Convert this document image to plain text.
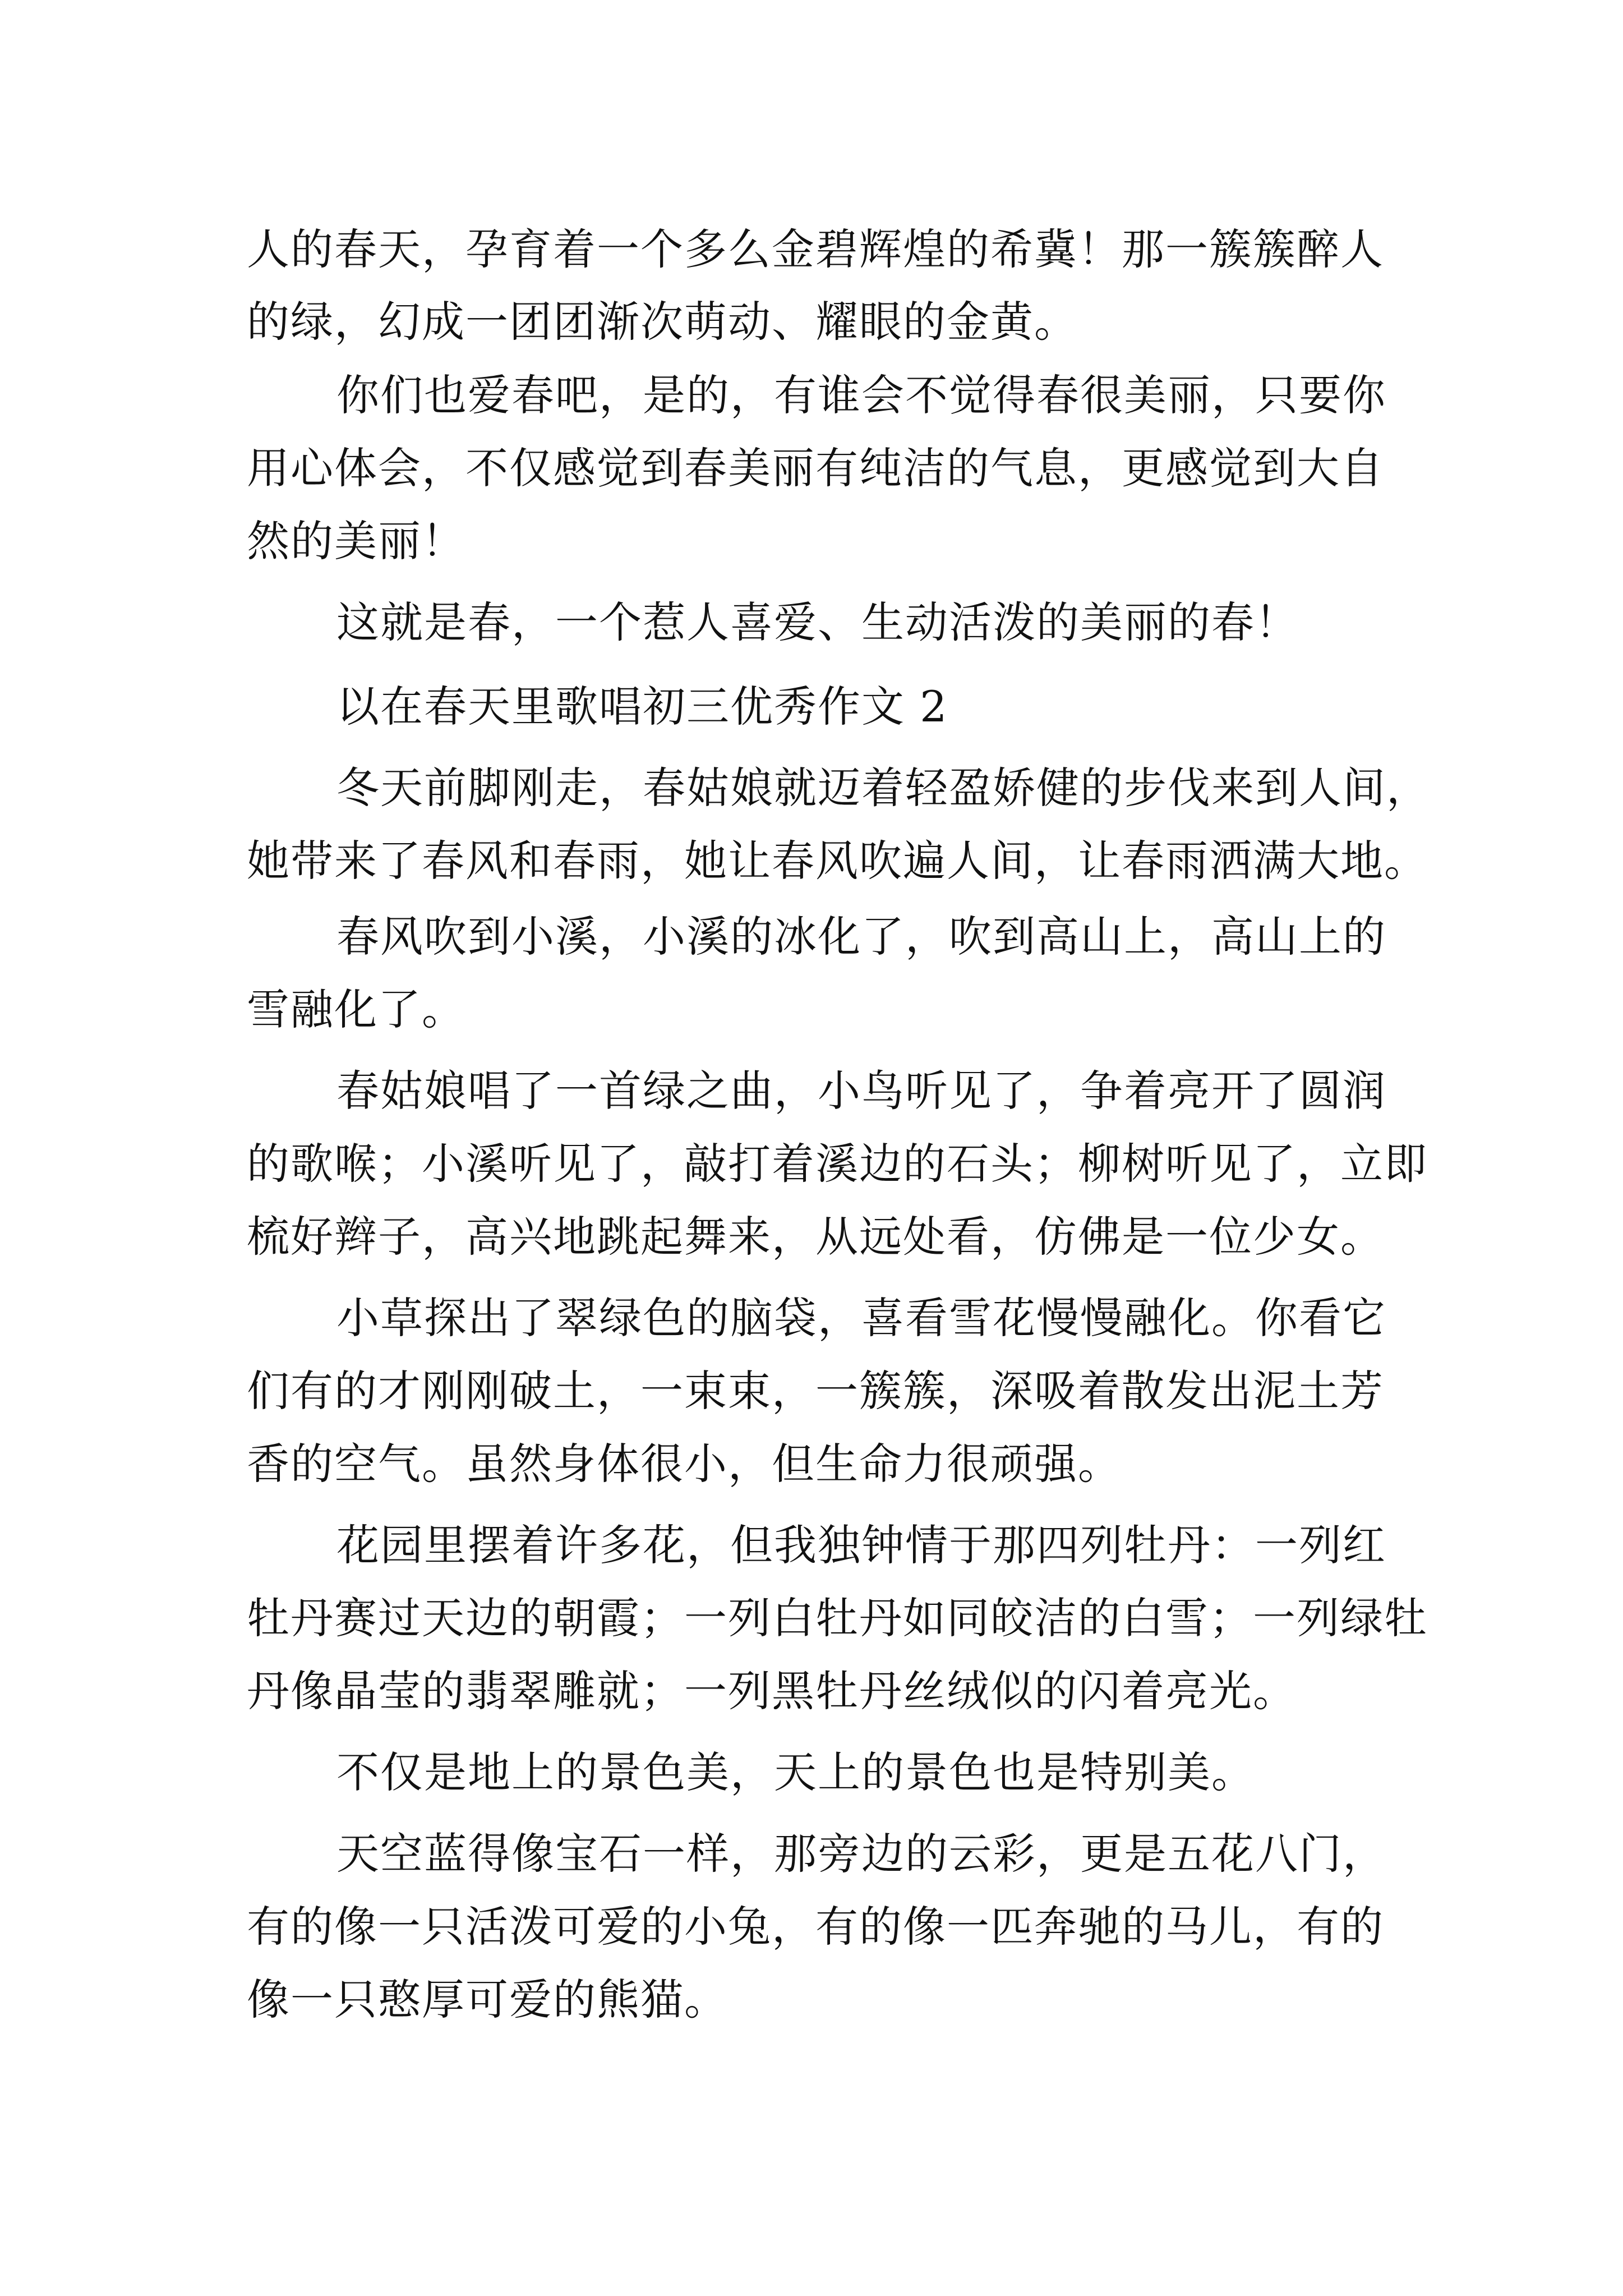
人的春天，孕育着一个多么金碧辉煌的希冀！那一簇簇醉人
的绿，幻成一团团渐次萌动、耀眼的金黄。
你们也爱春吧，是的，有谁会不觉得春很美丽，只要你
用心体会，不仅感觉到春美丽有纯洁的气息，更感觉到大自
然的美丽！
这就是春，一个惹人喜爱、生动活泼的美丽的春！
以在春天里歌唱初三优秀作文 2
冬天前脚刚走，春姑娘就迈着轻盈娇健的步伐来到人间，
她带来了春风和春雨，她让春风吹遍人间，让春雨洒满大地。
春风吹到小溪，小溪的冰化了，吹到高山上，高山上的
雪融化了。
春姑娘唱了一首绿之曲，小鸟听见了，争着亮开了圆润
的歌喉；小溪听见了，敲打着溪边的石头；柳树听见了，立即
梳好辫子，高兴地跳起舞来，从远处看，仿佛是一位少女。
小草探出了翠绿色的脑袋，喜看雪花慢慢融化。你看它
们有的才刚刚破土，一束束，一簇簇，深吸着散发出泥土芳
香的空气。虽然身体很小，但生命力很顽强。
花园里摆着许多花，但我独钟情于那四列牡丹：一列红
牡丹赛过天边的朝霞；一列白牡丹如同皎洁的白雪；一列绿牡
丹像晶莹的翡翠雕就；一列黑牡丹丝绒似的闪着亮光。
不仅是地上的景色美，天上的景色也是特别美。
天空蓝得像宝石一样，那旁边的云彩，更是五花八门，
有的像一只活泼可爱的小兔，有的像一匹奔驰的马儿，有的
像一只憨厚可爱的熊猫。
